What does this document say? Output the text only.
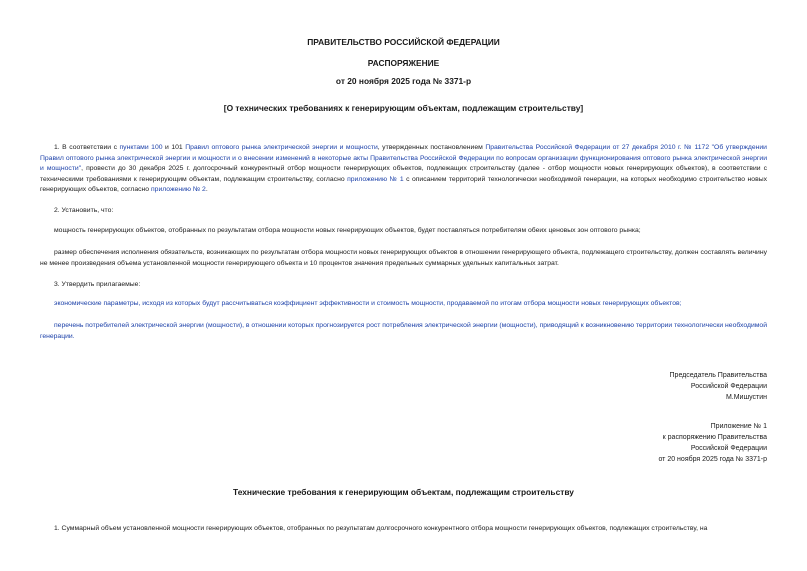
ПРАВИТЕЛЬСТВО РОССИЙСКОЙ ФЕДЕРАЦИИ
РАСПОРЯЖЕНИЕ
от 20 ноября 2025 года № 3371-р
[О технических требованиях к генерирующим объектам, подлежащим строительству]
1. В соответствии с пунктами 100 и 101 Правил оптового рынка электрической энергии и мощности, утвержденных постановлением Правительства Российской Федерации от 27 декабря 2010 г. № 1172 "Об утверждении Правил оптового рынка электрической энергии и мощности и о внесении изменений в некоторые акты Правительства Российской Федерации по вопросам организации функционирования оптового рынка электрической энергии и мощности", провести до 30 декабря 2025 г. долгосрочный конкурентный отбор мощности генерирующих объектов, подлежащих строительству (далее - отбор мощности новых генерирующих объектов), в соответствии с техническими требованиями к генерирующим объектам, подлежащим строительству, согласно приложению № 1 с описанием территорий технологически необходимой генерации, на которых необходимо строительство новых генерирующих объектов, согласно приложению № 2.
2. Установить, что:
мощность генерирующих объектов, отобранных по результатам отбора мощности новых генерирующих объектов, будет поставляться потребителям обеих ценовых зон оптового рынка;
размер обеспечения исполнения обязательств, возникающих по результатам отбора мощности новых генерирующих объектов в отношении генерирующего объекта, подлежащего строительству, должен составлять величину не менее произведения объема установленной мощности генерирующего объекта и 10 процентов значения предельных суммарных удельных капитальных затрат.
3. Утвердить прилагаемые:
экономические параметры, исходя из которых будут рассчитываться коэффициент эффективности и стоимость мощности, продаваемой по итогам отбора мощности новых генерирующих объектов;
перечень потребителей электрической энергии (мощности), в отношении которых прогнозируется рост потребления электрической энергии (мощности), приводящий к возникновению территории технологически необходимой генерации.
Председатель Правительства
Российской Федерации
М.Мишустин
Приложение № 1
к распоряжению Правительства
Российской Федерации
от 20 ноября 2025 года № 3371-р
Технические требования к генерирующим объектам, подлежащим строительству
1. Суммарный объем установленной мощности генерирующих объектов, отобранных по результатам долгосрочного конкурентного отбора мощности генерирующих объектов, подлежащих строительству, на
